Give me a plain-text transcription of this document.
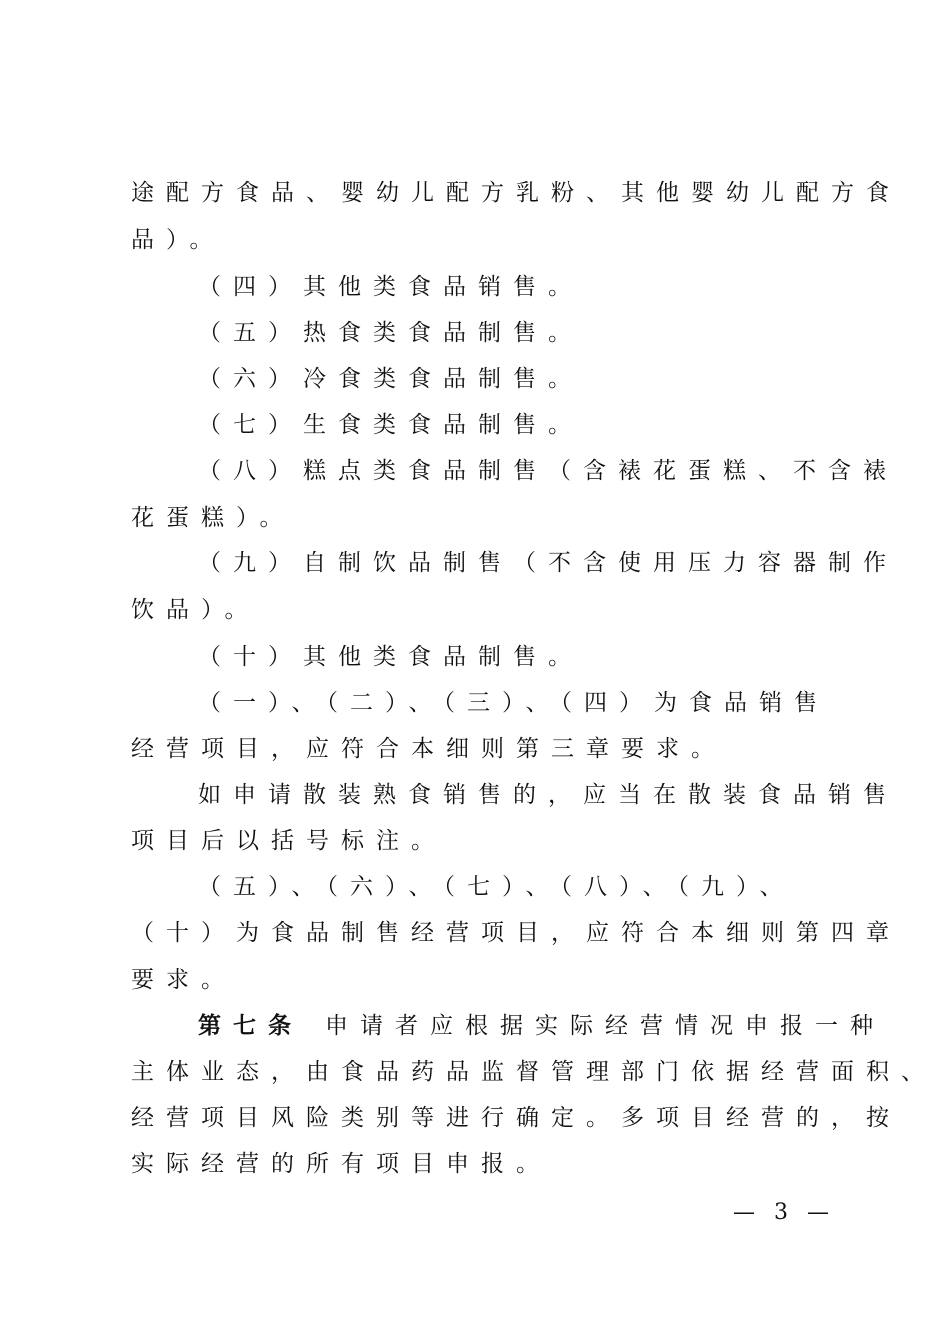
途配方食品、婴幼儿配方乳粉、其他婴幼儿配方食
品）。
（四）其他类食品销售。
（五）热食类食品制售。
（六）冷食类食品制售。
（七）生食类食品制售。
（八）糕点类食品制售（含裱花蛋糕、不含裱
花蛋糕）。
（九）自制饮品制售（不含使用压力容器制作
饮品）。
（十）其他类食品制售。
（一）、（二）、（三）、（四）为食品销售
经营项目，应符合本细则第三章要求。
如申请散装熟食销售的，应当在散装食品销售
项目后以括号标注。
（五）、（六）、（七）、（八）、（九）、
（十）为食品制售经营项目，应符合本细则第四章
要求。
第七条 申请者应根据实际经营情况申报一种
主体业态，由食品药品监督管理部门依据经营面积、
经营项目风险类别等进行确定。多项目经营的，按
实际经营的所有项目申报。
— 3 —
